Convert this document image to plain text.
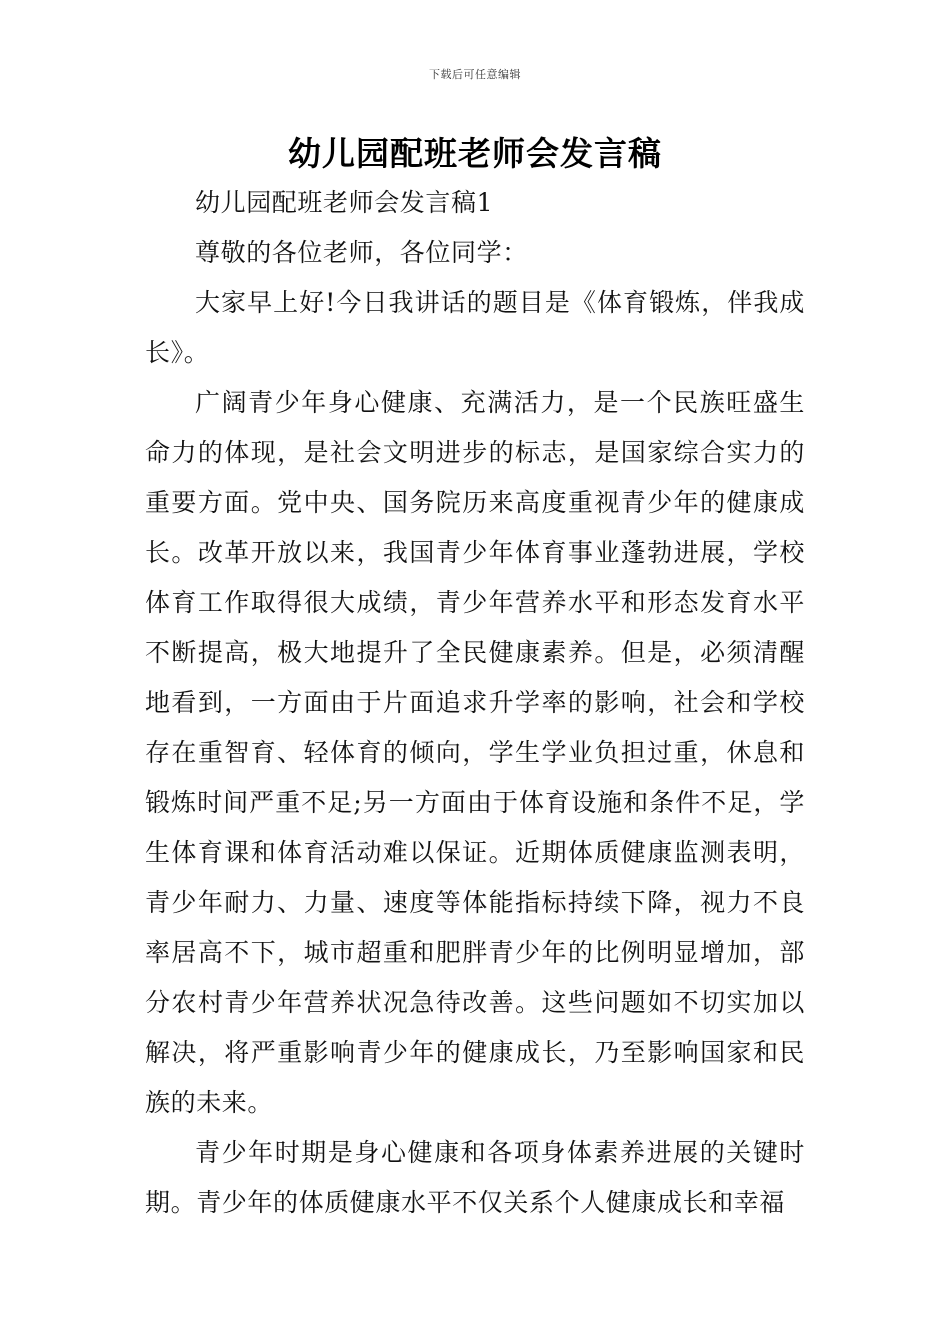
下载后可任意编辑
幼儿园配班老师会发言稿

幼儿园配班老师会发言稿1

尊敬的各位老师，各位同学：

大家早上好!今日我讲话的题目是《体育锻炼，伴我成长》。

广阔青少年身心健康、充满活力，是一个民族旺盛生命力的体现，是社会文明进步的标志，是国家综合实力的重要方面。党中央、国务院历来高度重视青少年的健康成长。改革开放以来，我国青少年体育事业蓬勃进展，学校体育工作取得很大成绩，青少年营养水平和形态发育水平不断提高，极大地提升了全民健康素养。但是，必须清醒地看到，一方面由于片面追求升学率的影响，社会和学校存在重智育、轻体育的倾向，学生学业负担过重，休息和锻炼时间严重不足;另一方面由于体育设施和条件不足，学生体育课和体育活动难以保证。近期体质健康监测表明，青少年耐力、力量、速度等体能指标持续下降，视力不良率居高不下，城市超重和肥胖青少年的比例明显增加，部分农村青少年营养状况急待改善。这些问题如不切实加以解决，将严重影响青少年的健康成长，乃至影响国家和民族的未来。

青少年时期是身心健康和各项身体素养进展的关键时期。青少年的体质健康水平不仅关系个人健康成长和幸福
